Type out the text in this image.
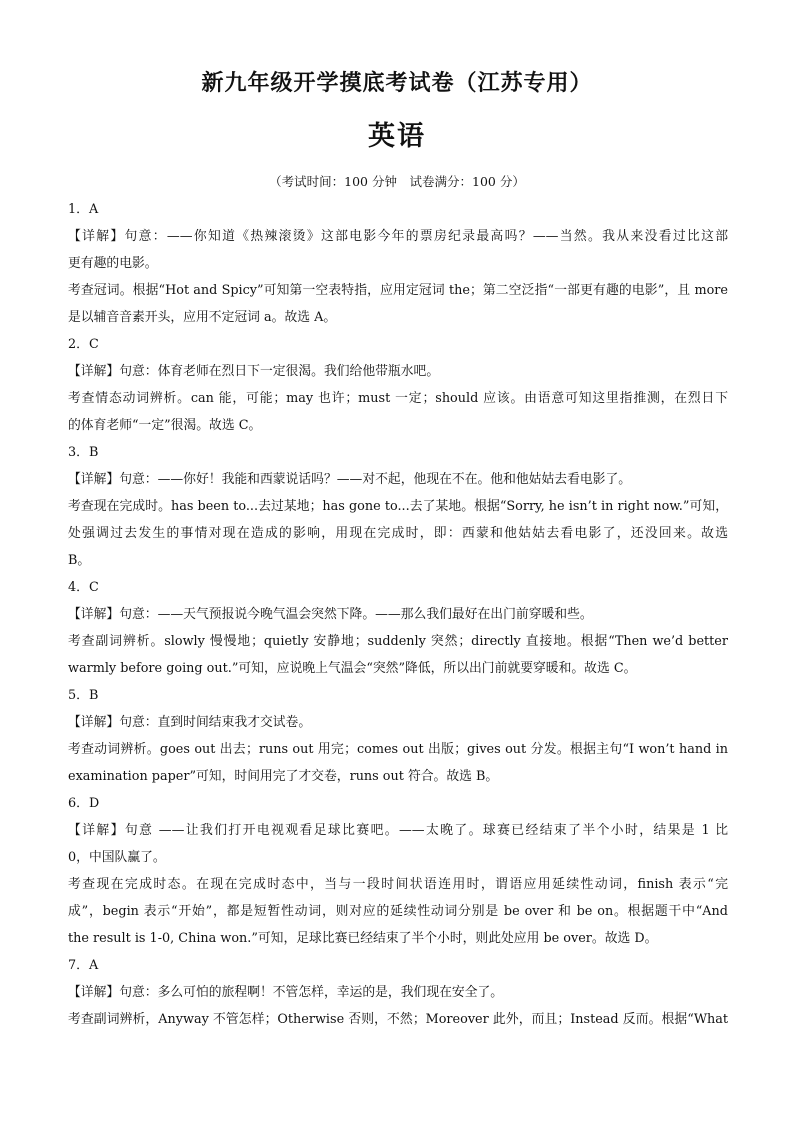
新九年级开学摸底考试卷（江苏专用）
英语
（考试时间：100 分钟　试卷满分：100 分）
1．A
【详解】句意：——你知道《热辣滚烫》这部电影今年的票房纪录最高吗？——当然。我从来没看过比这部
更有趣的电影。
考查冠词。根据“Hot and Spicy”可知第一空表特指，应用定冠词 the；第二空泛指“一部更有趣的电影”，且 more
是以辅音音素开头，应用不定冠词 a。故选 A。
2．C
【详解】句意：体育老师在烈日下一定很渴。我们给他带瓶水吧。
考查情态动词辨析。can 能，可能；may 也许；must 一定；should 应该。由语意可知这里指推测，在烈日下
的体育老师“一定”很渴。故选 C。
3．B
【详解】句意：——你好！我能和西蒙说话吗？——对不起，他现在不在。他和他姑姑去看电影了。
考查现在完成时。has been to...去过某地；has gone to...去了某地。根据“Sorry, he isn’t in right now.”可知，
处强调过去发生的事情对现在造成的影响，用现在完成时，即：西蒙和他姑姑去看电影了，还没回来。故选
B。
4．C
【详解】句意：——天气预报说今晚气温会突然下降。——那么我们最好在出门前穿暖和些。
考查副词辨析。slowly 慢慢地；quietly 安静地；suddenly 突然；directly 直接地。根据“Then we’d better
warmly before going out.”可知，应说晚上气温会“突然”降低，所以出门前就要穿暖和。故选 C。
5．B
【详解】句意：直到时间结束我才交试卷。
考查动词辨析。goes out 出去；runs out 用完；comes out 出版；gives out 分发。根据主句“I won’t hand in
examination paper”可知，时间用完了才交卷，runs out 符合。故选 B。
6．D
【详解】句意 ——让我们打开电视观看足球比赛吧。——太晚了。球赛已经结束了半个小时，结果是 1 比
0，中国队赢了。
考查现在完成时态。在现在完成时态中，当与一段时间状语连用时，谓语应用延续性动词，finish 表示“完
成”，begin 表示“开始”，都是短暂性动词，则对应的延续性动词分别是 be over 和 be on。根据题干中“And
the result is 1-0, China won.”可知，足球比赛已经结束了半个小时，则此处应用 be over。故选 D。
7．A
【详解】句意：多么可怕的旅程啊！不管怎样，幸运的是，我们现在安全了。
考查副词辨析，Anyway 不管怎样；Otherwise 否则，不然；Moreover 此外，而且；Instead 反而。根据“What
